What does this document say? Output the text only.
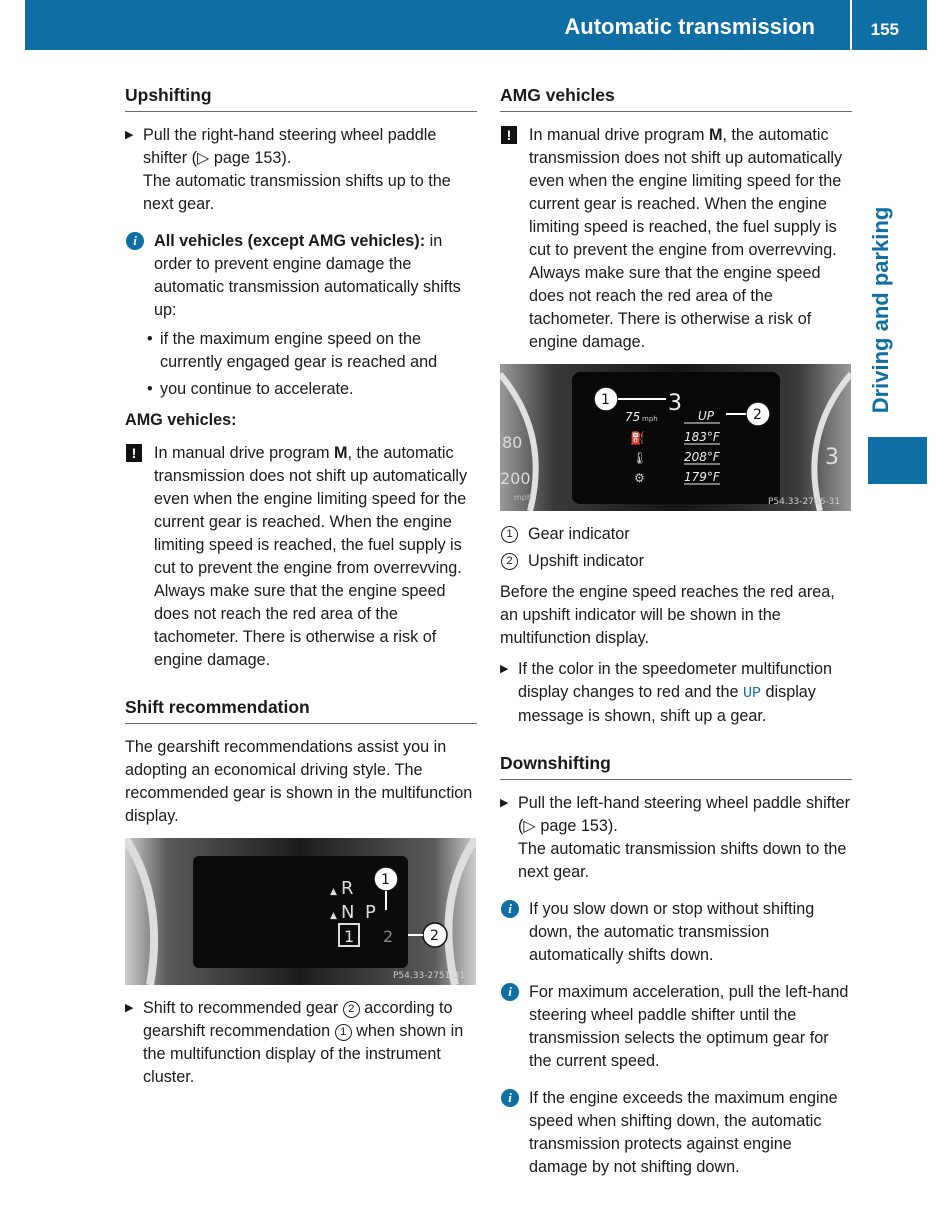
Automatic transmission	155
Driving and parking
Upshifting
▶ Pull the right-hand steering wheel paddle shifter (▷ page 153).
The automatic transmission shifts up to the next gear.
i	All vehicles (except AMG vehicles): in order to prevent engine damage the automatic transmission automatically shifts up:
• if the maximum engine speed on the currently engaged gear is reached and
• you continue to accelerate.
AMG vehicles:
!	In manual drive program M, the automatic transmission does not shift up automatically even when the engine limiting speed for the current gear is reached. When the engine limiting speed is reached, the fuel supply is cut to prevent the engine from overrevving. Always make sure that the engine speed does not reach the red area of the tachometer. There is otherwise a risk of engine damage.
Shift recommendation
The gearshift recommendations assist you in adopting an economical driving style. The recommended gear is shown in the multifunction display.
▲ R
▲ N P
1 2
1
2
P54.33-2751-31
▶ Shift to recommended gear 2 according to gearshift recommendation 1 when shown in the multifunction display of the instrument cluster.
AMG vehicles
!	In manual drive program M, the automatic transmission does not shift up automatically even when the engine limiting speed for the current gear is reached. When the engine limiting speed is reached, the fuel supply is cut to prevent the engine from overrevving. Always make sure that the engine speed does not reach the red area of the tachometer. There is otherwise a risk of engine damage.
80
200
mph
3
75 mph
3 UP
⛽	183°F
🌡	208°F
⚙	179°F
1
2
P54.33-2766-31
1 Gear indicator
2 Upshift indicator
Before the engine speed reaches the red area, an upshift indicator will be shown in the multifunction display.
▶ If the color in the speedometer multifunction display changes to red and the UP display message is shown, shift up a gear.
Downshifting
▶ Pull the left-hand steering wheel paddle shifter (▷ page 153).
The automatic transmission shifts down to the next gear.
i	If you slow down or stop without shifting down, the automatic transmission automatically shifts down.
i	For maximum acceleration, pull the left-hand steering wheel paddle shifter until the transmission selects the optimum gear for the current speed.
i	If the engine exceeds the maximum engine speed when shifting down, the automatic transmission protects against engine damage by not shifting down.
